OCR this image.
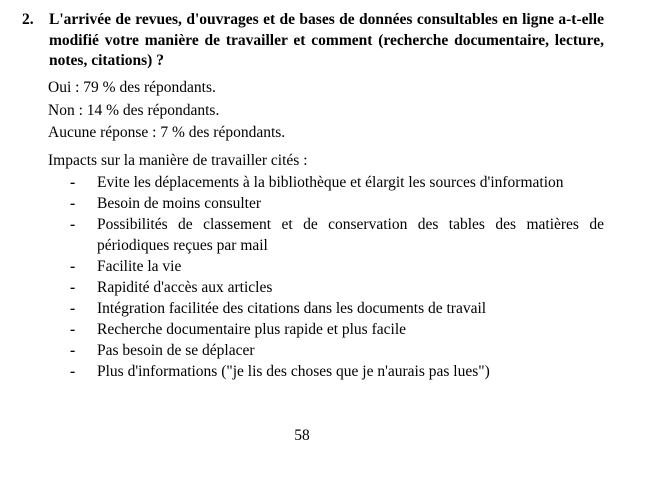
2. L'arrivée de revues, d'ouvrages et de bases de données consultables en ligne a-t-elle modifié votre manière de travailler et comment (recherche documentaire, lecture, notes, citations) ?
Oui : 79 % des répondants.
Non : 14 % des répondants.
Aucune réponse : 7 % des répondants.
Impacts sur la manière de travailler cités :
-	Evite les déplacements à la bibliothèque et élargit les sources d'information
-	Besoin de moins consulter
-	Possibilités de classement et de conservation des tables des matières de périodiques reçues par mail
-	Facilite la vie
-	Rapidité d'accès aux articles
-	Intégration facilitée des citations dans les documents de travail
-	Recherche documentaire plus rapide et plus facile
-	Pas besoin de se déplacer
-	Plus d'informations ("je lis des choses que je n'aurais pas lues")
58
